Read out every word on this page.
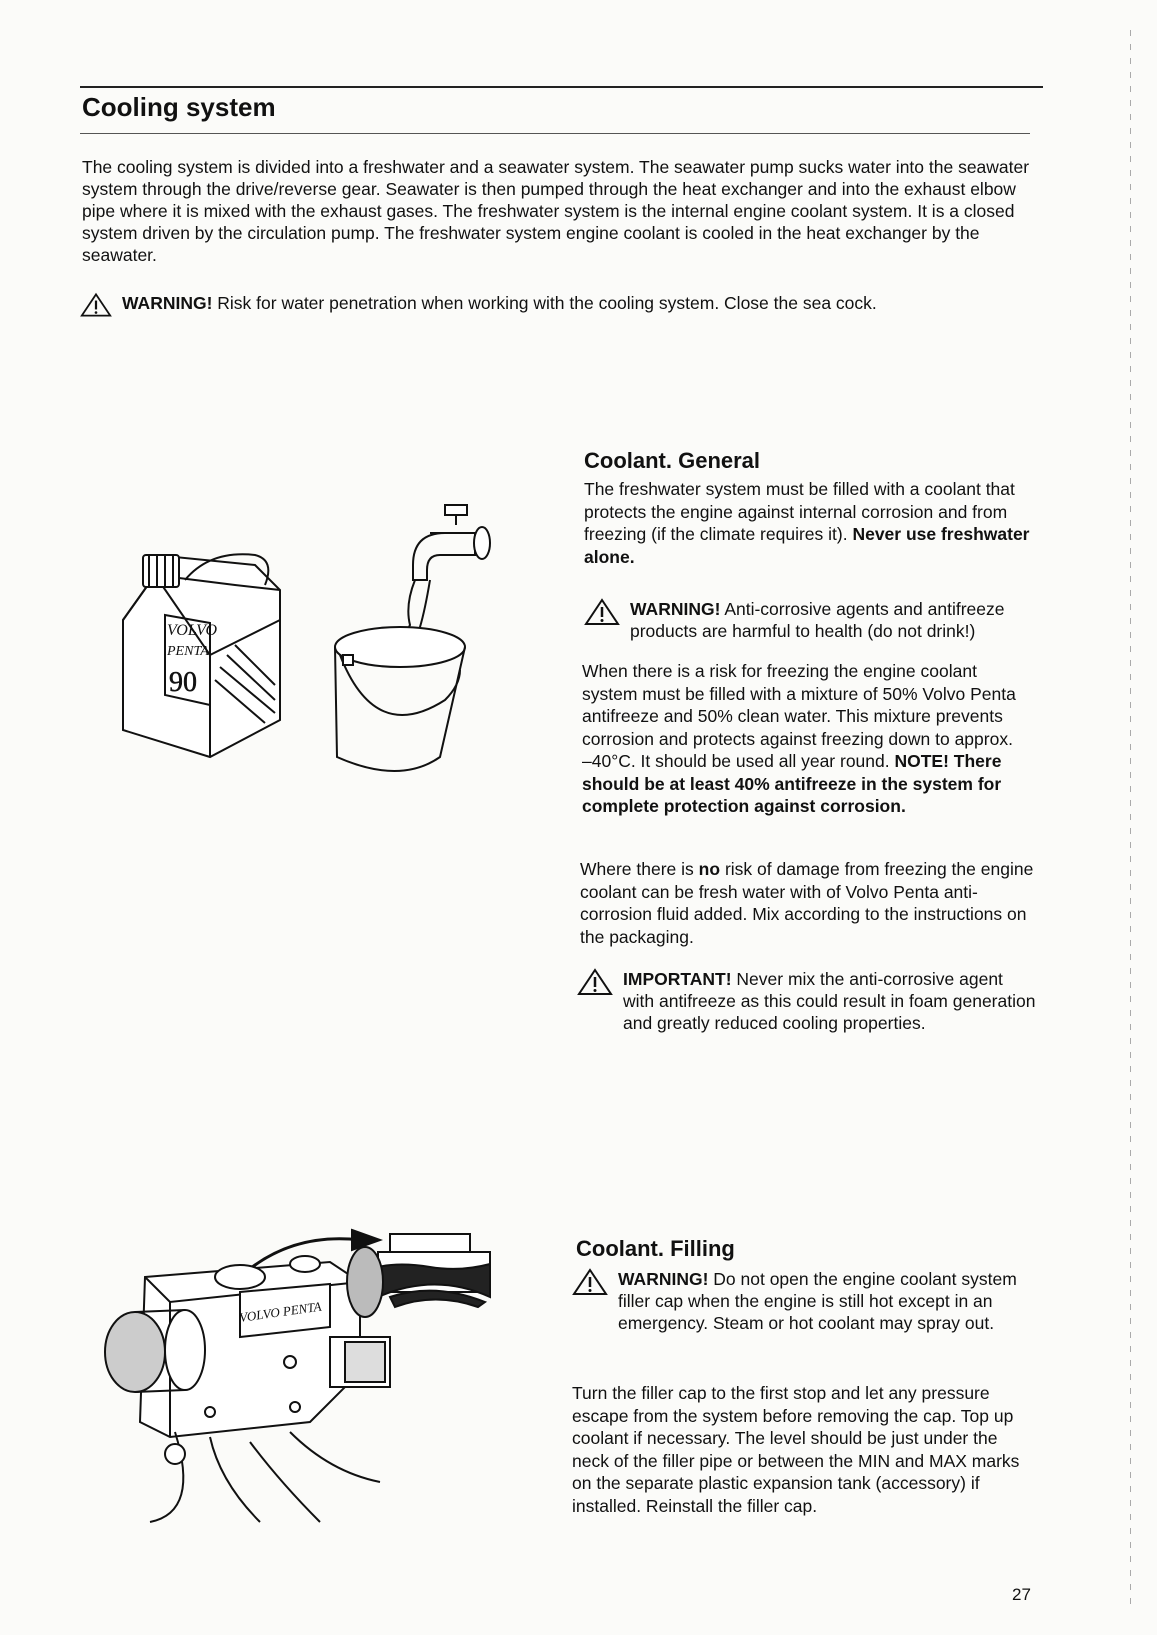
Cooling system

The cooling system is divided into a freshwater and a seawater system. The seawater pump sucks water into the seawater system through the drive/reverse gear. Seawater is then pumped through the heat exchanger and into the exhaust elbow pipe where it is mixed with the exhaust gases. The freshwater system is the internal engine coolant system. It is a closed system driven by the circulation pump. The freshwater system engine coolant is cooled in the heat exchanger by the seawater.

WARNING! Risk for water penetration when working with the cooling system. Close the sea cock.
VOLVO
PENTA
90
Coolant. General

The freshwater system must be filled with a coolant that protects the engine against internal corrosion and from freezing (if the climate requires it). Never use freshwater alone.

WARNING! Anti-corrosive agents and antifreeze products are harmful to health (do not drink!)

When there is a risk for freezing the engine coolant system must be filled with a mixture of 50% Volvo Penta antifreeze and 50% clean water. This mixture prevents corrosion and protects against freezing down to approx. –40°C. It should be used all year round. NOTE! There should be at least 40% antifreeze in the system for complete protection against corrosion.

Where there is no risk of damage from freezing the engine coolant can be fresh water with of Volvo Penta anti-corrosion fluid added. Mix according to the instructions on the packaging.

IMPORTANT! Never mix the anti-corrosive agent with antifreeze as this could result in foam generation and greatly reduced cooling properties.
VOLVO PENTA
Coolant. Filling
WARNING! Do not open the engine coolant system filler cap when the engine is still hot except in an emergency. Steam or hot coolant may spray out.

Turn the filler cap to the first stop and let any pressure escape from the system before removing the cap. Top up coolant if necessary. The level should be just under the neck of the filler pipe or between the MIN and MAX marks on the separate plastic expansion tank (accessory) if installed. Reinstall the filler cap.

27
